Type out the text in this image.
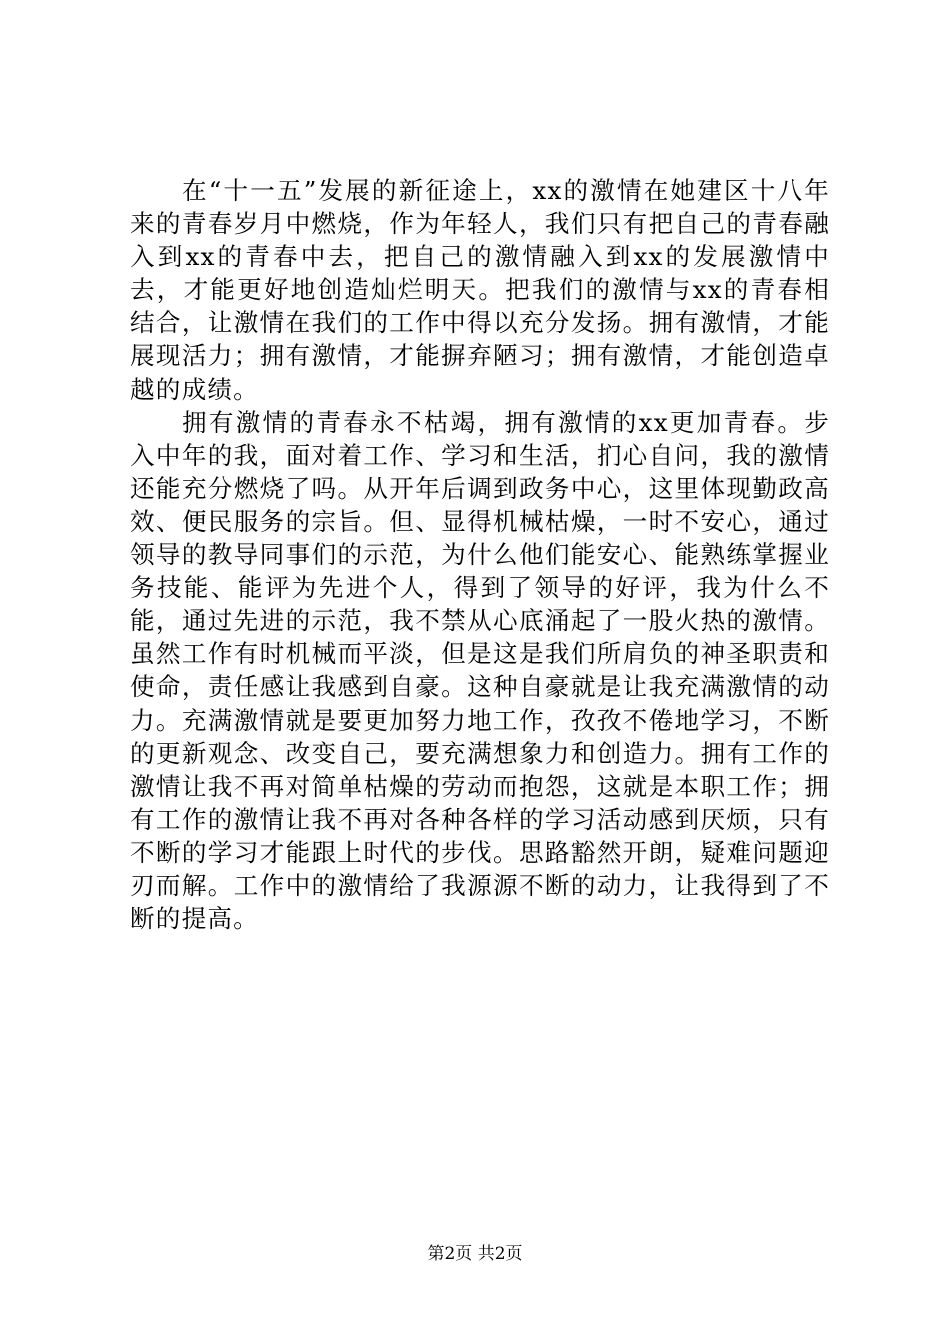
在“十一五”发展的新征途上，xx的激情在她建区十八年来的青春岁月中燃烧，作为年轻人，我们只有把自己的青春融入到xx的青春中去，把自己的激情融入到xx的发展激情中去，才能更好地创造灿烂明天。把我们的激情与xx的青春相结合，让激情在我们的工作中得以充分发扬。拥有激情，才能展现活力；拥有激情，才能摒弃陋习；拥有激情，才能创造卓越的成绩。

拥有激情的青春永不枯竭，拥有激情的xx更加青春。步入中年的我，面对着工作、学习和生活，扪心自问，我的激情还能充分燃烧了吗。从开年后调到政务中心，这里体现勤政高效、便民服务的宗旨。但、显得机械枯燥，一时不安心，通过领导的教导同事们的示范，为什么他们能安心、能熟练掌握业务技能、能评为先进个人，得到了领导的好评，我为什么不能，通过先进的示范，我不禁从心底涌起了一股火热的激情。虽然工作有时机械而平淡，但是这是我们所肩负的神圣职责和使命，责任感让我感到自豪。这种自豪就是让我充满激情的动力。充满激情就是要更加努力地工作，孜孜不倦地学习，不断的更新观念、改变自己，要充满想象力和创造力。拥有工作的激情让我不再对简单枯燥的劳动而抱怨，这就是本职工作；拥有工作的激情让我不再对各种各样的学习活动感到厌烦，只有不断的学习才能跟上时代的步伐。思路豁然开朗，疑难问题迎刃而解。工作中的激情给了我源源不断的动力，让我得到了不断的提高。

第2页 共2页
